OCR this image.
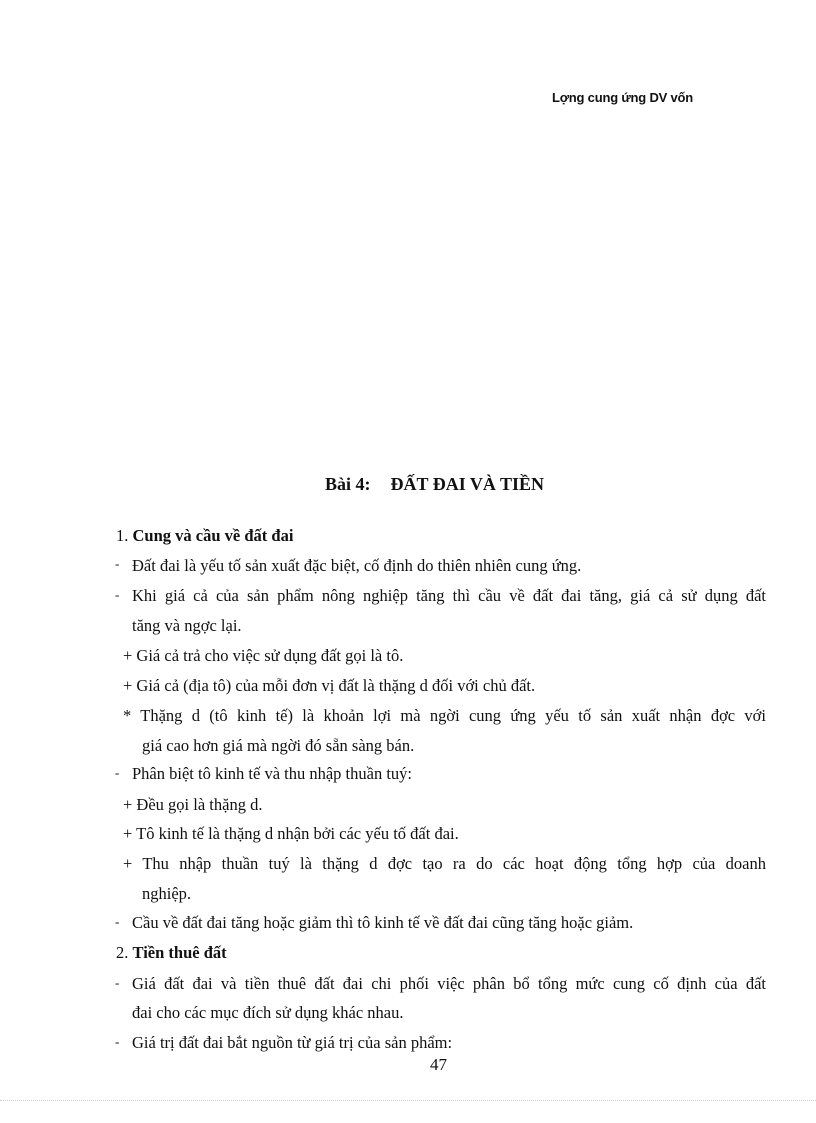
Lợng cung ứng DV vốn
Bài 4: ĐẤT ĐAI VÀ TIỀN
1. Cung và cầu về đất đai
- Đất đai là yếu tố sản xuất đặc biệt, cố định do thiên nhiên cung ứng.
- Khi giá cả của sản phẩm nông nghiệp tăng thì cầu về đất đai tăng, giá cả sử dụng đất
tăng và ngợc lại.
+ Giá cả trả cho việc sử dụng đất gọi là tô.
+ Giá cả (địa tô) của mỗi đơn vị đất là thặng d đối với chủ đất.
* Thặng d (tô kinh tế) là khoản lợi mà ngời cung ứng yếu tố sản xuất nhận đợc với
giá cao hơn giá mà ngời đó sẵn sàng bán.
- Phân biệt tô kinh tế và thu nhập thuần tuý:
+ Đều gọi là thặng d.
+ Tô kinh tế là thặng d nhận bởi các yếu tố đất đai.
+ Thu nhập thuần tuý là thặng d đợc tạo ra do các hoạt động tổng hợp của doanh
nghiệp.
- Cầu về đất đai tăng hoặc giảm thì tô kinh tế về đất đai cũng tăng hoặc giảm.
2. Tiền thuê đất
- Giá đất đai và tiền thuê đất đai chi phối việc phân bổ tổng mức cung cố định của đất
đai cho các mục đích sử dụng khác nhau.
- Giá trị đất đai bắt nguồn từ giá trị của sản phẩm:
47
